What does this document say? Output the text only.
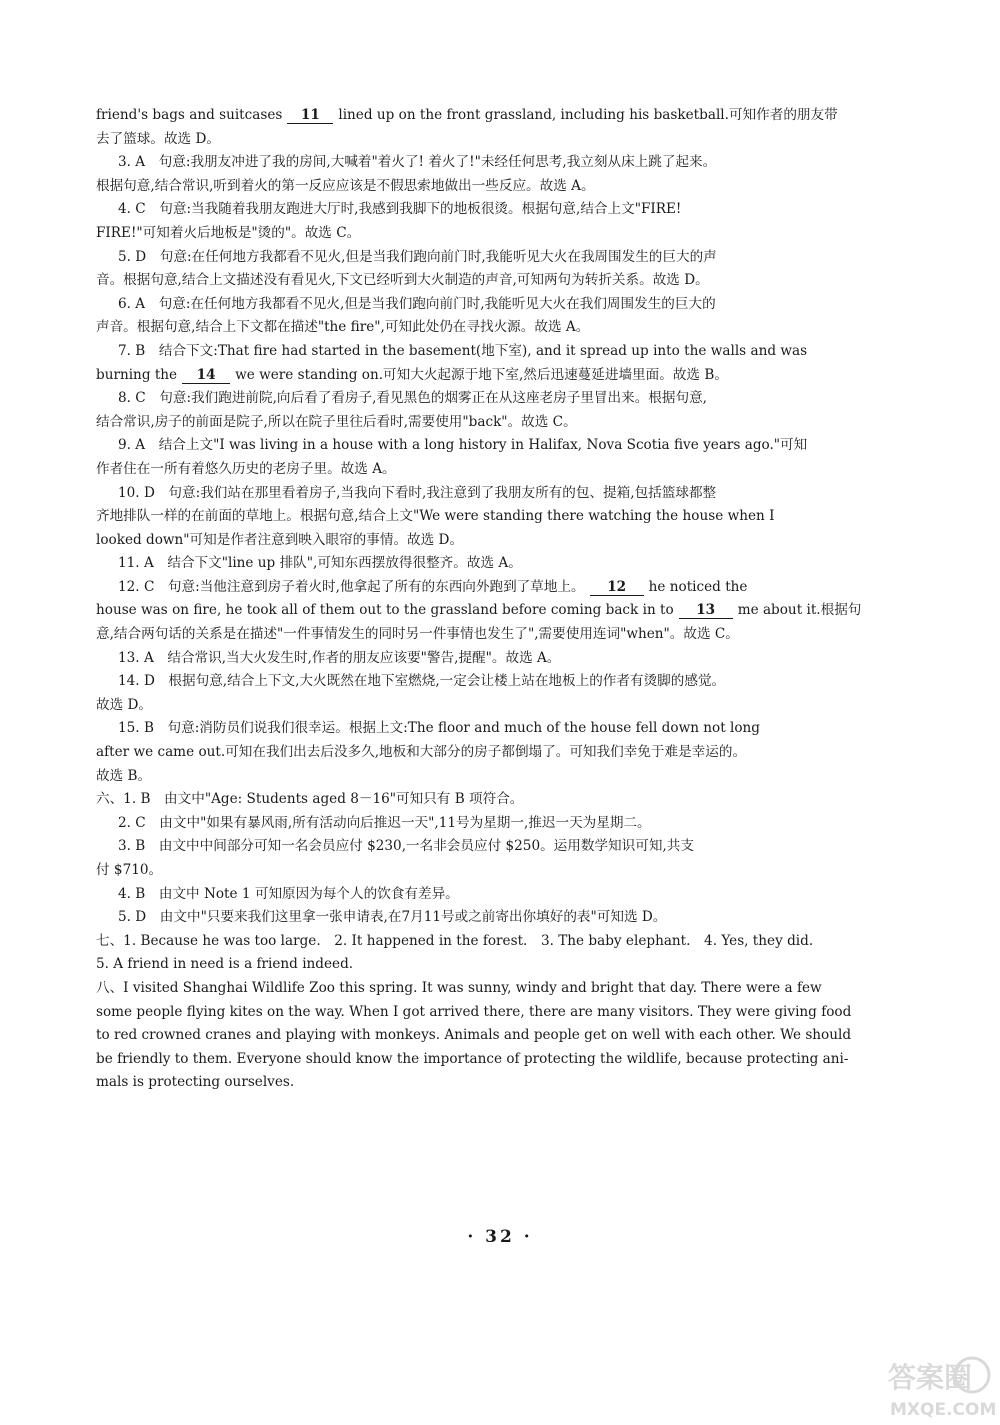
friend's bags and suitcases 11 lined up on the front grassland, including his basketball.可知作者的朋友带
去了篮球。故选 D。
3. A　句意:我朋友冲进了我的房间,大喊着"着火了! 着火了!"未经任何思考,我立刻从床上跳了起来。
根据句意,结合常识,听到着火的第一反应应该是不假思索地做出一些反应。故选 A。
4. C　句意:当我随着我朋友跑进大厅时,我感到我脚下的地板很烫。根据句意,结合上文"FIRE!
FIRE!"可知着火后地板是"烫的"。故选 C。
5. D　句意:在任何地方我都看不见火,但是当我们跑向前门时,我能听见大火在我周围发生的巨大的声
音。根据句意,结合上文描述没有看见火,下文已经听到大火制造的声音,可知两句为转折关系。故选 D。
6. A　句意:在任何地方我都看不见火,但是当我们跑向前门时,我能听见大火在我们周围发生的巨大的
声音。根据句意,结合上下文都在描述"the fire",可知此处仍在寻找火源。故选 A。
7. B　结合下文:That fire had started in the basement(地下室), and it spread up into the walls and was
burning the 14 we were standing on.可知大火起源于地下室,然后迅速蔓延进墙里面。故选 B。
8. C　句意:我们跑进前院,向后看了看房子,看见黑色的烟雾正在从这座老房子里冒出来。根据句意,
结合常识,房子的前面是院子,所以在院子里往后看时,需要使用"back"。故选 C。
9. A　结合上文"I was living in a house with a long history in Halifax, Nova Scotia five years ago."可知
作者住在一所有着悠久历史的老房子里。故选 A。
10. D　句意:我们站在那里看着房子,当我向下看时,我注意到了我朋友所有的包、提箱,包括篮球都整
齐地排队一样的在前面的草地上。根据句意,结合上文"We were standing there watching the house when I
looked down"可知是作者注意到映入眼帘的事情。故选 D。
11. A　结合下文"line up 排队",可知东西摆放得很整齐。故选 A。
12. C　句意:当他注意到房子着火时,他拿起了所有的东西向外跑到了草地上。 12 he noticed the
house was on fire, he took all of them out to the grassland before coming back in to 13 me about it.根据句
意,结合两句话的关系是在描述"一件事情发生的同时另一件事情也发生了",需要使用连词"when"。故选 C。
13. A　结合常识,当大火发生时,作者的朋友应该要"警告,提醒"。故选 A。
14. D　根据句意,结合上下文,大火既然在地下室燃烧,一定会让楼上站在地板上的作者有烫脚的感觉。
故选 D。
15. B　句意:消防员们说我们很幸运。根据上文:The floor and much of the house fell down not long
after we came out.可知在我们出去后没多久,地板和大部分的房子都倒塌了。可知我们幸免于难是幸运的。
故选 B。
六、1. B　由文中"Age: Students aged 8－16"可知只有 B 项符合。
2. C　由文中"如果有暴风雨,所有活动向后推迟一天",11号为星期一,推迟一天为星期二。
3. B　由文中中间部分可知一名会员应付 $230,一名非会员应付 $250。运用数学知识可知,共支
付 $710。
4. B　由文中 Note 1 可知原因为每个人的饮食有差异。
5. D　由文中"只要来我们这里拿一张申请表,在7月11号或之前寄出你填好的表"可知选 D。
七、1. Because he was too large.　2. It happened in the forest.　3. The baby elephant.　4. Yes, they did.
5. A friend in need is a friend indeed.
八、I visited Shanghai Wildlife Zoo this spring. It was sunny, windy and bright that day. There were a few
some people flying kites on the way. When I got arrived there, there are many visitors. They were giving food
to red crowned cranes and playing with monkeys. Animals and people get on well with each other. We should
be friendly to them. Everyone should know the importance of protecting the wildlife, because protecting ani-
mals is protecting ourselves.
· 32 ·
答案圈
MXQE.COM
